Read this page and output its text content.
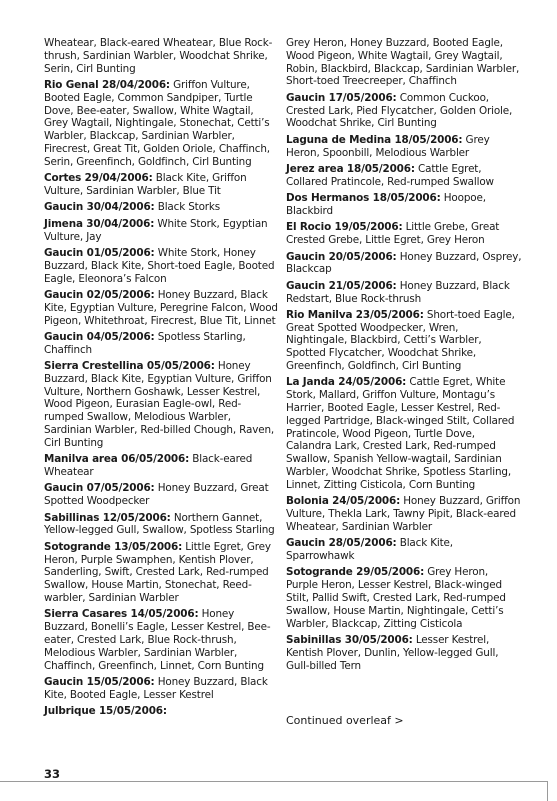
Wheatear, Black-eared Wheatear, Blue Rock-thrush, Sardinian Warbler, Woodchat Shrike, Serin, Cirl Bunting
Rio Genal 28/04/2006: Griffon Vulture, Booted Eagle, Common Sandpiper, Turtle Dove, Bee-eater, Swallow, White Wagtail, Grey Wagtail, Nightingale, Stonechat, Cetti’s Warbler, Blackcap, Sardinian Warbler, Firecrest, Great Tit, Golden Oriole, Chaffinch, Serin, Greenfinch, Goldfinch, Cirl Bunting
Cortes 29/04/2006: Black Kite, Griffon Vulture, Sardinian Warbler, Blue Tit
Gaucin 30/04/2006: Black Storks
Jimena 30/04/2006: White Stork, Egyptian Vulture, Jay
Gaucin 01/05/2006: White Stork, Honey Buzzard, Black Kite, Short-toed Eagle, Booted Eagle, Eleonora’s Falcon
Gaucin 02/05/2006: Honey Buzzard, Black Kite, Egyptian Vulture, Peregrine Falcon, Wood Pigeon, Whitethroat, Firecrest, Blue Tit, Linnet
Gaucin 04/05/2006: Spotless Starling, Chaffinch
Sierra Crestellina 05/05/2006: Honey Buzzard, Black Kite, Egyptian Vulture, Griffon Vulture, Northern Goshawk, Lesser Kestrel, Wood Pigeon, Eurasian Eagle-owl, Red-rumped Swallow, Melodious Warbler, Sardinian Warbler, Red-billed Chough, Raven, Cirl Bunting
Manilva area 06/05/2006: Black-eared Wheatear
Gaucin 07/05/2006: Honey Buzzard, Great Spotted Woodpecker
Sabillinas 12/05/2006: Northern Gannet, Yellow-legged Gull, Swallow, Spotless Starling
Sotogrande 13/05/2006: Little Egret, Grey Heron, Purple Swamphen, Kentish Plover, Sanderling, Swift, Crested Lark, Red-rumped Swallow, House Martin, Stonechat, Reed-warbler, Sardinian Warbler
Sierra Casares 14/05/2006: Honey Buzzard, Bonelli’s Eagle, Lesser Kestrel, Bee-eater, Crested Lark, Blue Rock-thrush, Melodious Warbler, Sardinian Warbler, Chaffinch, Greenfinch, Linnet, Corn Bunting
Gaucin 15/05/2006: Honey Buzzard, Black Kite, Booted Eagle, Lesser Kestrel
Julbrique 15/05/2006:
Grey Heron, Honey Buzzard, Booted Eagle, Wood Pigeon, White Wagtail, Grey Wagtail, Robin, Blackbird, Blackcap, Sardinian Warbler, Short-toed Treecreeper, Chaffinch
Gaucin 17/05/2006: Common Cuckoo, Crested Lark, Pied Flycatcher, Golden Oriole, Woodchat Shrike, Cirl Bunting
Laguna de Medina 18/05/2006: Grey Heron, Spoonbill, Melodious Warbler
Jerez area 18/05/2006: Cattle Egret, Collared Pratincole, Red-rumped Swallow
Dos Hermanos 18/05/2006: Hoopoe, Blackbird
El Rocio 19/05/2006: Little Grebe, Great Crested Grebe, Little Egret, Grey Heron
Gaucin 20/05/2006: Honey Buzzard, Osprey, Blackcap
Gaucin 21/05/2006: Honey Buzzard, Black Redstart, Blue Rock-thrush
Rio Manilva 23/05/2006: Short-toed Eagle, Great Spotted Woodpecker, Wren, Nightingale, Blackbird, Cetti’s Warbler, Spotted Flycatcher, Woodchat Shrike, Greenfinch, Goldfinch, Cirl Bunting
La Janda 24/05/2006: Cattle Egret, White Stork, Mallard, Griffon Vulture, Montagu’s Harrier, Booted Eagle, Lesser Kestrel, Red-legged Partridge, Black-winged Stilt, Collared Pratincole, Wood Pigeon, Turtle Dove, Calandra Lark, Crested Lark, Red-rumped Swallow, Spanish Yellow-wagtail, Sardinian Warbler, Woodchat Shrike, Spotless Starling, Linnet, Zitting Cisticola, Corn Bunting
Bolonia 24/05/2006: Honey Buzzard, Griffon Vulture, Thekla Lark, Tawny Pipit, Black-eared Wheatear, Sardinian Warbler
Gaucin 28/05/2006: Black Kite, Sparrowhawk
Sotogrande 29/05/2006: Grey Heron, Purple Heron, Lesser Kestrel, Black-winged Stilt, Pallid Swift, Crested Lark, Red-rumped Swallow, House Martin, Nightingale, Cetti’s Warbler, Blackcap, Zitting Cisticola
Sabinillas 30/05/2006: Lesser Kestrel, Kentish Plover, Dunlin, Yellow-legged Gull, Gull-billed Tern
Continued overleaf >
33
